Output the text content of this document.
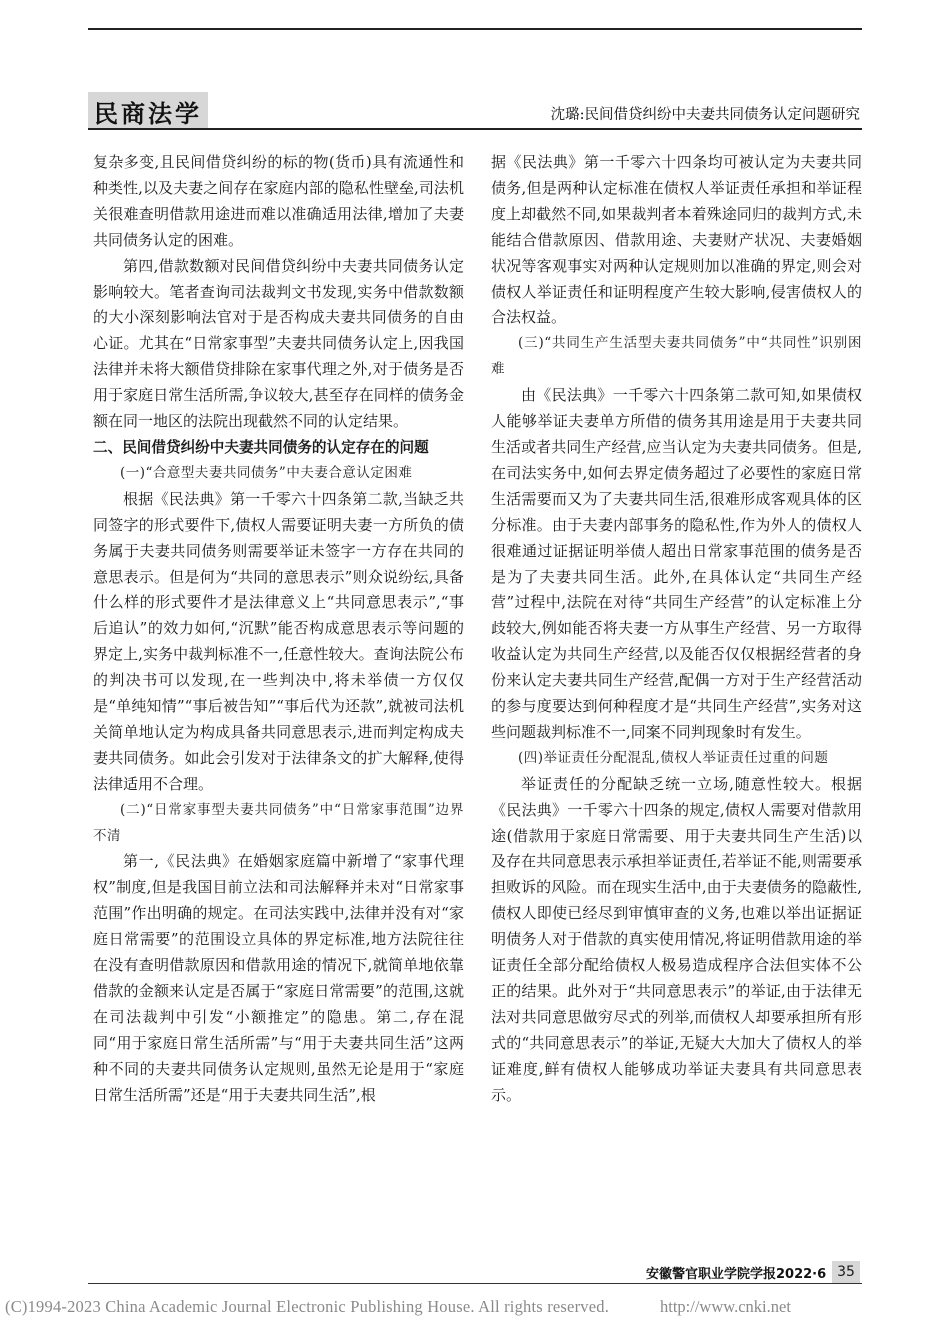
民商法学	沈璐:民间借贷纠纷中夫妻共同债务认定问题研究

复杂多变,且民间借贷纠纷的标的物(货币)具有流通性和种类性,以及夫妻之间存在家庭内部的隐私性壁垒,司法机关很难查明借款用途进而难以准确适用法律,增加了夫妻共同债务认定的困难。

第四,借款数额对民间借贷纠纷中夫妻共同债务认定影响较大。笔者查询司法裁判文书发现,实务中借款数额的大小深刻影响法官对于是否构成夫妻共同债务的自由心证。尤其在“日常家事型”夫妻共同债务认定上,因我国法律并未将大额借贷排除在家事代理之外,对于债务是否用于家庭日常生活所需,争议较大,甚至存在同样的债务金额在同一地区的法院出现截然不同的认定结果。

二、民间借贷纠纷中夫妻共同债务的认定存在的问题

(一)“合意型夫妻共同债务”中夫妻合意认定困难

根据《民法典》第一千零六十四条第二款,当缺乏共同签字的形式要件下,债权人需要证明夫妻一方所负的债务属于夫妻共同债务则需要举证未签字一方存在共同的意思表示。但是何为“共同的意思表示”则众说纷纭,具备什么样的形式要件才是法律意义上“共同意思表示”,“事后追认”的效力如何,“沉默”能否构成意思表示等问题的界定上,实务中裁判标准不一,任意性较大。查询法院公布的判决书可以发现,在一些判决中,将未举债一方仅仅是“单纯知情”“事后被告知”“事后代为还款”,就被司法机关简单地认定为构成具备共同意思表示,进而判定构成夫妻共同债务。如此会引发对于法律条文的扩大解释,使得法律适用不合理。

(二)“日常家事型夫妻共同债务”中“日常家事范围”边界不清

第一,《民法典》在婚姻家庭篇中新增了“家事代理权”制度,但是我国目前立法和司法解释并未对“日常家事范围”作出明确的规定。在司法实践中,法律并没有对“家庭日常需要”的范围设立具体的界定标准,地方法院往往在没有查明借款原因和借款用途的情况下,就简单地依靠借款的金额来认定是否属于“家庭日常需要”的范围,这就在司法裁判中引发“小额推定”的隐患。第二,存在混同“用于家庭日常生活所需”与“用于夫妻共同生活”这两种不同的夫妻共同债务认定规则,虽然无论是用于“家庭日常生活所需”还是“用于夫妻共同生活”,根

据《民法典》第一千零六十四条均可被认定为夫妻共同债务,但是两种认定标准在债权人举证责任承担和举证程度上却截然不同,如果裁判者本着殊途同归的裁判方式,未能结合借款原因、借款用途、夫妻财产状况、夫妻婚姻状况等客观事实对两种认定规则加以准确的界定,则会对债权人举证责任和证明程度产生较大影响,侵害债权人的合法权益。

(三)“共同生产生活型夫妻共同债务”中“共同性”识别困难

由《民法典》一千零六十四条第二款可知,如果债权人能够举证夫妻单方所借的债务其用途是用于夫妻共同生活或者共同生产经营,应当认定为夫妻共同债务。但是,在司法实务中,如何去界定债务超过了必要性的家庭日常生活需要而又为了夫妻共同生活,很难形成客观具体的区分标准。由于夫妻内部事务的隐私性,作为外人的债权人很难通过证据证明举债人超出日常家事范围的债务是否是为了夫妻共同生活。此外,在具体认定“共同生产经营”过程中,法院在对待“共同生产经营”的认定标准上分歧较大,例如能否将夫妻一方从事生产经营、另一方取得收益认定为共同生产经营,以及能否仅仅根据经营者的身份来认定夫妻共同生产经营,配偶一方对于生产经营活动的参与度要达到何种程度才是“共同生产经营”,实务对这些问题裁判标准不一,同案不同判现象时有发生。

(四)举证责任分配混乱,债权人举证责任过重的问题

举证责任的分配缺乏统一立场,随意性较大。根据《民法典》一千零六十四条的规定,债权人需要对借款用途(借款用于家庭日常需要、用于夫妻共同生产生活)以及存在共同意思表示承担举证责任,若举证不能,则需要承担败诉的风险。而在现实生活中,由于夫妻债务的隐蔽性,债权人即使已经尽到审慎审查的义务,也难以举出证据证明债务人对于借款的真实使用情况,将证明借款用途的举证责任全部分配给债权人极易造成程序合法但实体不公正的结果。此外对于“共同意思表示”的举证,由于法律无法对共同意思做穷尽式的列举,而债权人却要承担所有形式的“共同意思表示”的举证,无疑大大加大了债权人的举证难度,鲜有债权人能够成功举证夫妻具有共同意思表示。

安徽警官职业学院学报2022·6 35
(C)1994-2023 China Academic Journal Electronic Publishing House. All rights reserved.	http://www.cnki.net
